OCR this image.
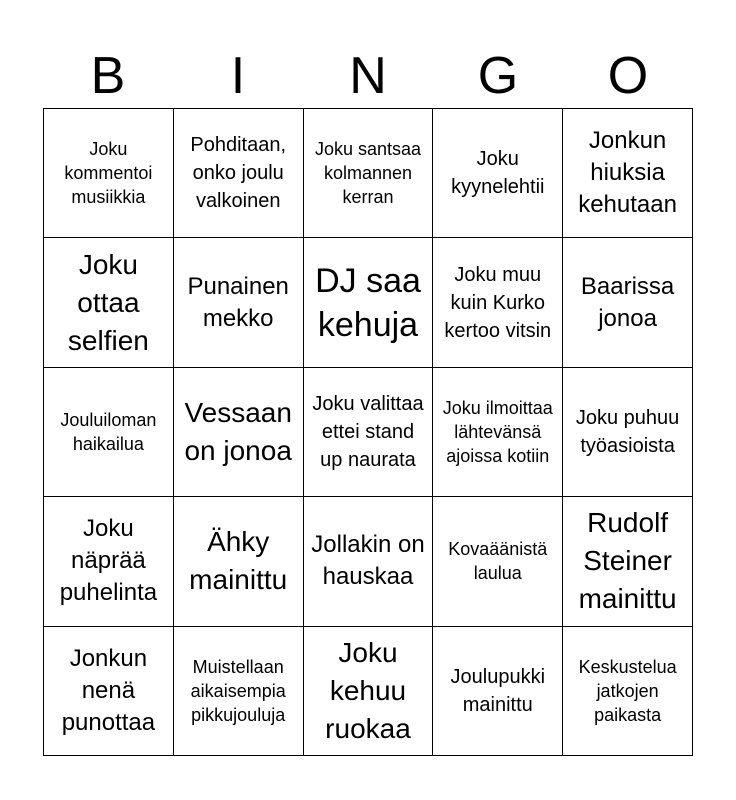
B	I	N	G	O
Joku kommentoi musiikkia
Pohditaan, onko joulu valkoinen
Joku santsaa kolmannen kerran
Joku kyynelehtii
Jonkun hiuksia kehutaan
Joku ottaa selfien
Punainen mekko
DJ saa kehuja
Joku muu kuin Kurko kertoo vitsin
Baarissa jonoa
Jouluiloman haikailua
Vessaan on jonoa
Joku valittaa ettei stand up naurata
Joku ilmoittaa lähtevänsä ajoissa kotiin
Joku puhuu työasioista
Joku näprää puhelinta
Ähky mainittu
Jollakin on hauskaa
Kovaäänistä laulua
Rudolf Steiner mainittu
Jonkun nenä punottaa
Muistellaan aikaisempia pikkujouluja
Joku kehuu ruokaa
Joulupukki mainittu
Keskustelua jatkojen paikasta
